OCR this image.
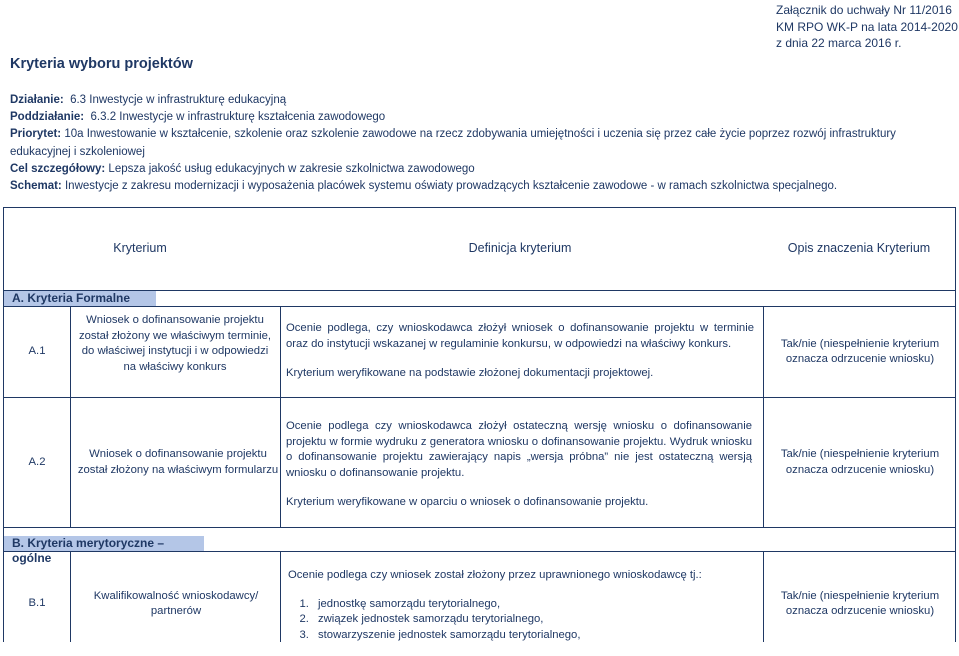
Załącznik do uchwały Nr 11/2016
KM RPO WK-P na lata 2014-2020
z dnia 22 marca 2016 r.
Kryteria wyboru projektów
Działanie: 6.3 Inwestycje w infrastrukturę edukacyjną
Poddziałanie: 6.3.2 Inwestycje w infrastrukturę kształcenia zawodowego
Priorytet: 10a Inwestowanie w kształcenie, szkolenie oraz szkolenie zawodowe na rzecz zdobywania umiejętności i uczenia się przez całe życie poprzez rozwój infrastruktury edukacyjnej i szkoleniowej
Cel szczegółowy: Lepsza jakość usług edukacyjnych w zakresie szkolnictwa zawodowego
Schemat: Inwestycje z zakresu modernizacji i wyposażenia placówek systemu oświaty prowadzących kształcenie zawodowe - w ramach szkolnictwa specjalnego.
Kryterium	Definicja kryterium	Opis znaczenia Kryterium
A. Kryteria Formalne
A.1
Wniosek o dofinansowanie projektu został złożony we właściwym terminie, do właściwej instytucji i w odpowiedzi na właściwy konkurs

Ocenie podlega, czy wnioskodawca złożył wniosek o dofinansowanie projektu w terminie oraz do instytucji wskazanej w regulaminie konkursu, w odpowiedzi na właściwy konkurs.

Kryterium weryfikowane na podstawie złożonej dokumentacji projektowej.

Tak/nie (niespełnienie kryterium oznacza odrzucenie wniosku)
A.2
Wniosek o dofinansowanie projektu został złożony na właściwym formularzu

Ocenie podlega czy wnioskodawca złożył ostateczną wersję wniosku o dofinansowanie projektu w formie wydruku z generatora wniosku o dofinansowanie projektu. Wydruk wniosku o dofinansowanie projektu zawierający napis „wersja próbna” nie jest ostateczną wersją wniosku o dofinansowanie projektu.

Kryterium weryfikowane w oparciu o wniosek o dofinansowanie projektu.

Tak/nie (niespełnienie kryterium oznacza odrzucenie wniosku)
B. Kryteria merytoryczne – ogólne
B.1
Kwalifikowalność wnioskodawcy/ partnerów

Ocenie podlega czy wniosek został złożony przez uprawnionego wnioskodawcę tj.:

1. jednostkę samorządu terytorialnego,
2. związek jednostek samorządu terytorialnego,
3. stowarzyszenie jednostek samorządu terytorialnego,
Tak/nie (niespełnienie kryterium oznacza odrzucenie wniosku)
